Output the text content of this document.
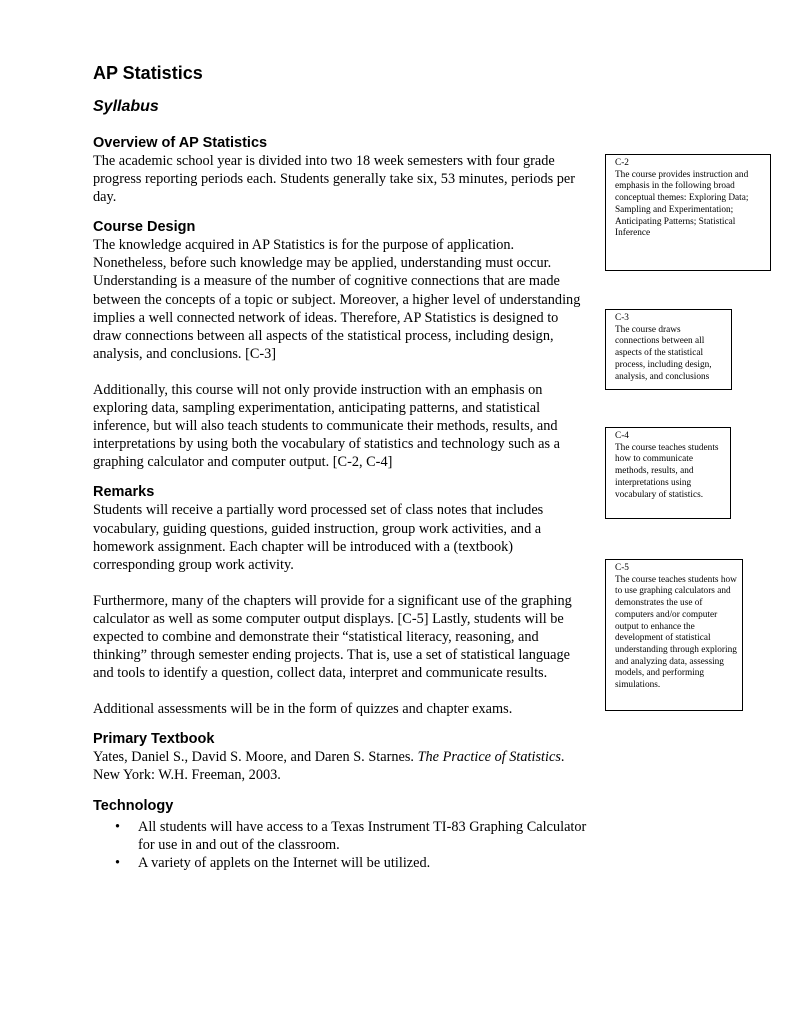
AP Statistics
Syllabus
Overview of AP Statistics

The academic school year is divided into two 18 week semesters with four grade progress reporting periods each. Students generally take six, 53 minutes, periods per day.

Course Design

The knowledge acquired in AP Statistics is for the purpose of application. Nonetheless, before such knowledge may be applied, understanding must occur. Understanding is a measure of the number of cognitive connections that are made between the concepts of a topic or subject. Moreover, a higher level of understanding implies a well connected network of ideas. Therefore, AP Statistics is designed to draw connections between all aspects of the statistical process, including design, analysis, and conclusions. [C-3]

Additionally, this course will not only provide instruction with an emphasis on exploring data, sampling experimentation, anticipating patterns, and statistical inference, but will also teach students to communicate their methods, results, and interpretations by using both the vocabulary of statistics and technology such as a graphing calculator and computer output. [C-2, C-4]

Remarks

Students will receive a partially word processed set of class notes that includes vocabulary, guiding questions, guided instruction, group work activities, and a homework assignment. Each chapter will be introduced with a (textbook) corresponding group work activity.

Furthermore, many of the chapters will provide for a significant use of the graphing calculator as well as some computer output displays. [C-5] Lastly, students will be expected to combine and demonstrate their “statistical literacy, reasoning, and thinking” through semester ending projects. That is, use a set of statistical language and tools to identify a question, collect data, interpret and communicate results.

Additional assessments will be in the form of quizzes and chapter exams.

Primary Textbook

Yates, Daniel S., David S. Moore, and Daren S. Starnes. The Practice of Statistics. New York: W.H. Freeman, 2003.

Technology
• All students will have access to a Texas Instrument TI-83 Graphing Calculator for use in and out of the classroom.
• A variety of applets on the Internet will be utilized.
C-2
The course provides instruction and emphasis in the following broad conceptual themes: Exploring Data; Sampling and Experimentation; Anticipating Patterns; Statistical Inference
C-3
The course draws connections between all aspects of the statistical process, including design, analysis, and conclusions
C-4
The course teaches students how to communicate methods, results, and interpretations using vocabulary of statistics.
C-5
The course teaches students how to use graphing calculators and demonstrates the use of computers and/or computer output to enhance the development of statistical understanding through exploring and analyzing data, assessing models, and performing simulations.
